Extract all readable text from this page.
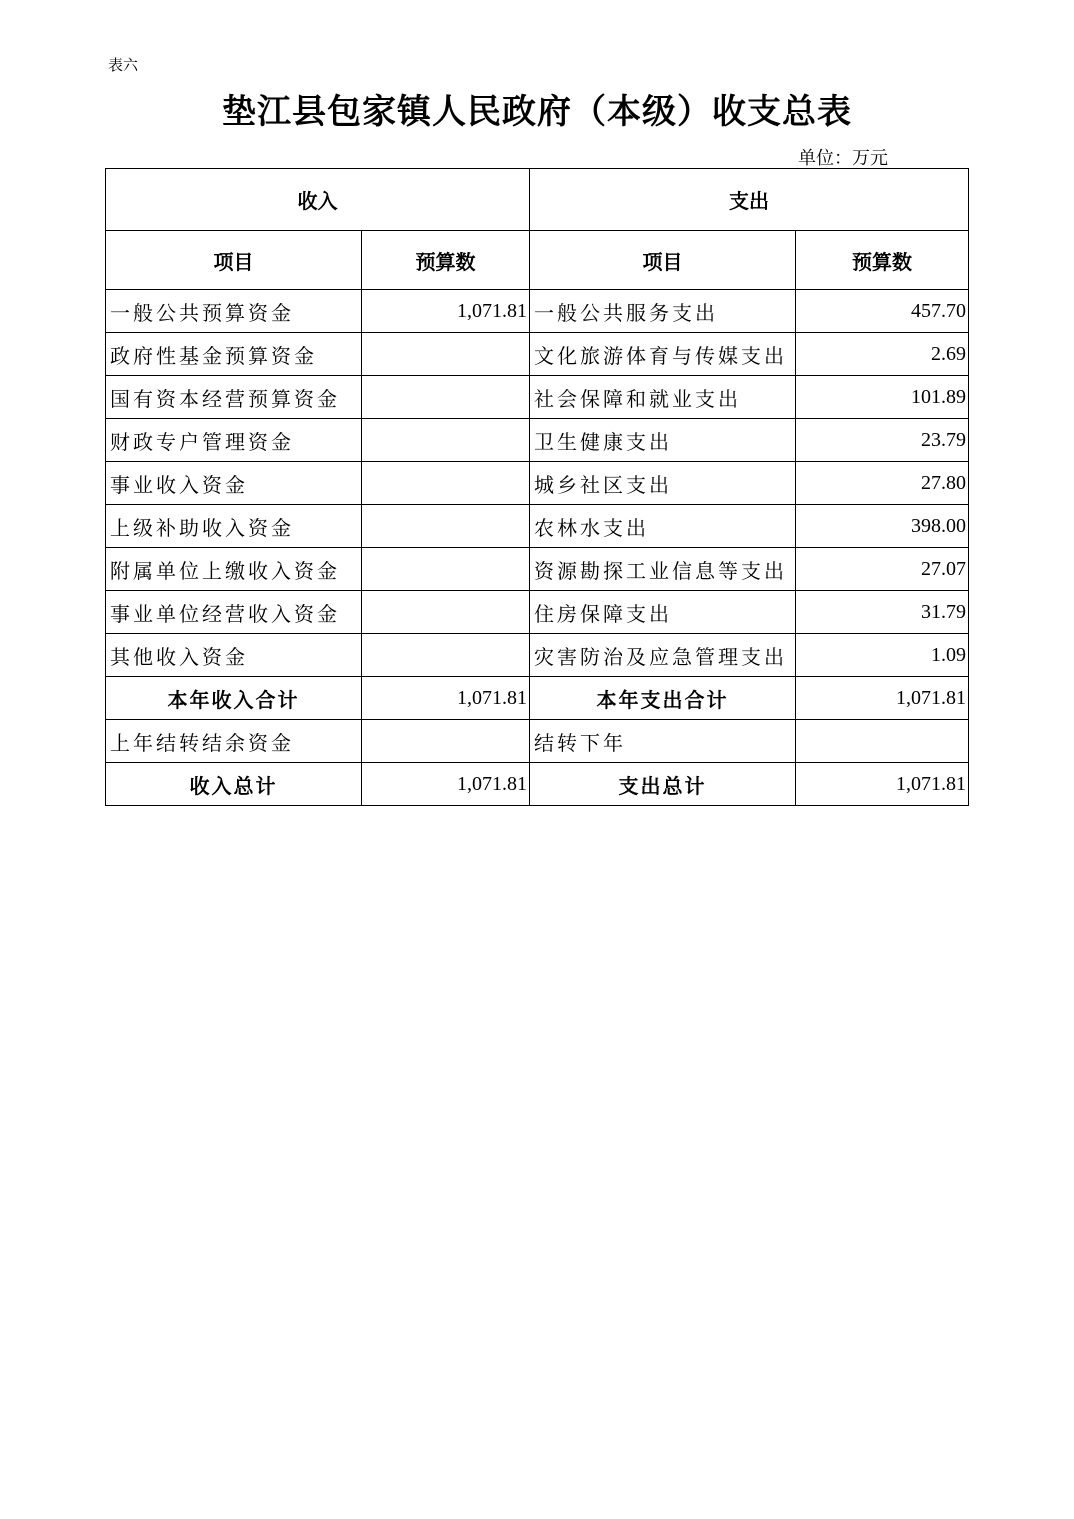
表六
垫江县包家镇人民政府（本级）收支总表
单位：万元
收入		支出	
项目	预算数	项目	预算数
一般公共预算资金	1,071.81	一般公共服务支出	457.70
政府性基金预算资金		文化旅游体育与传媒支出	2.69
国有资本经营预算资金		社会保障和就业支出	101.89
财政专户管理资金		卫生健康支出	23.79
事业收入资金		城乡社区支出	27.80
上级补助收入资金		农林水支出	398.00
附属单位上缴收入资金		资源勘探工业信息等支出	27.07
事业单位经营收入资金		住房保障支出	31.79
其他收入资金		灾害防治及应急管理支出	1.09
本年收入合计	1,071.81	本年支出合计	1,071.81
上年结转结余资金		结转下年	
收入总计	1,071.81	支出总计	1,071.81
